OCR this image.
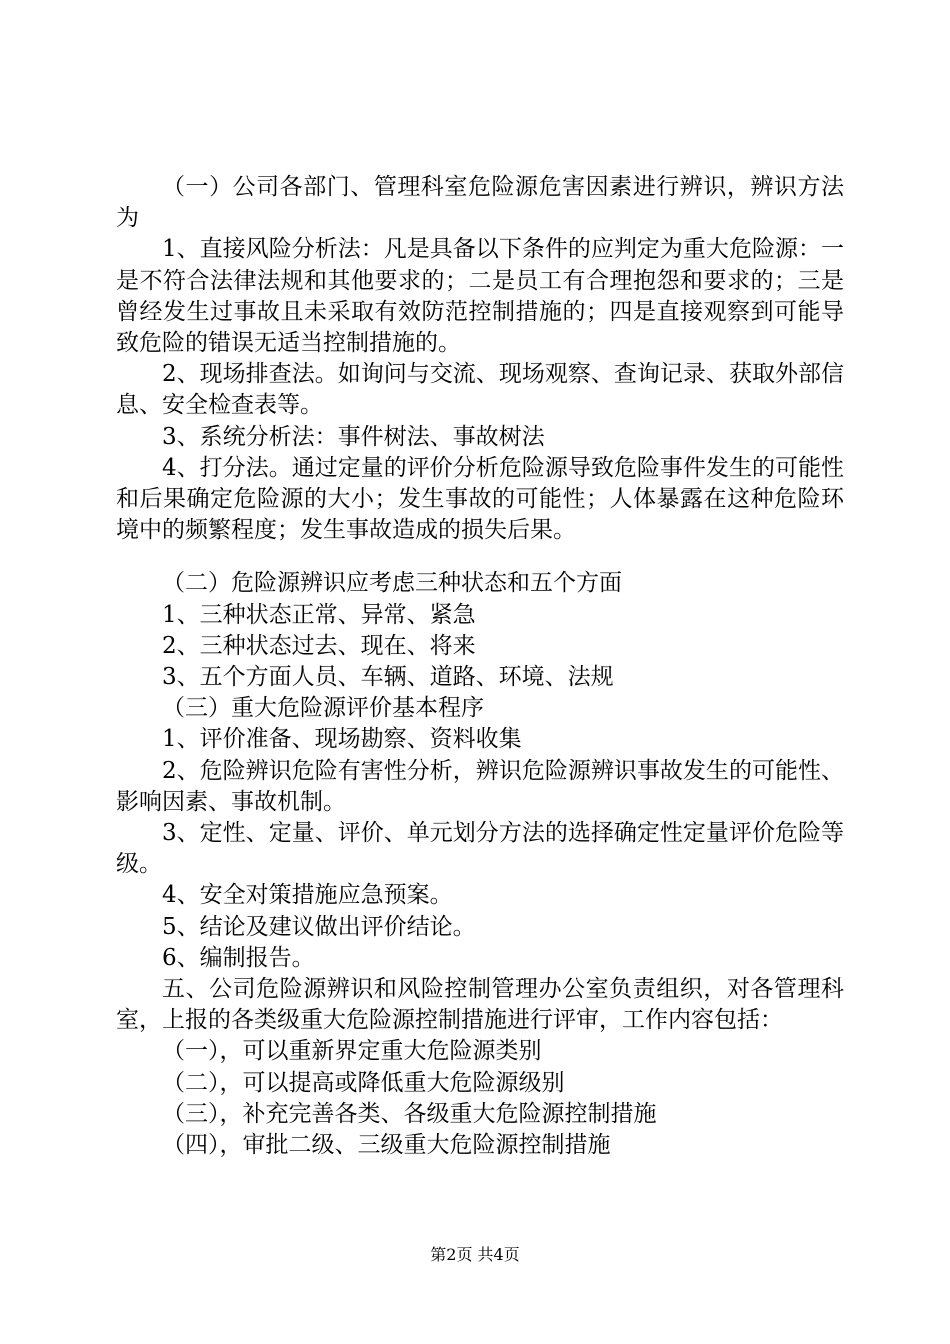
（一）公司各部门、管理科室危险源危害因素进行辨识，辨识方法为

1、直接风险分析法：凡是具备以下条件的应判定为重大危险源：一是不符合法律法规和其他要求的；二是员工有合理抱怨和要求的；三是曾经发生过事故且未采取有效防范控制措施的；四是直接观察到可能导致危险的错误无适当控制措施的。

2、现场排查法。如询问与交流、现场观察、查询记录、获取外部信息、安全检查表等。

3、系统分析法：事件树法、事故树法

4、打分法。通过定量的评价分析危险源导致危险事件发生的可能性和后果确定危险源的大小；发生事故的可能性；人体暴露在这种危险环境中的频繁程度；发生事故造成的损失后果。

（二）危险源辨识应考虑三种状态和五个方面

1、三种状态正常、异常、紧急

2、三种状态过去、现在、将来

3、五个方面人员、车辆、道路、环境、法规

（三）重大危险源评价基本程序

1、评价准备、现场勘察、资料收集

2、危险辨识危险有害性分析，辨识危险源辨识事故发生的可能性、影响因素、事故机制。

3、定性、定量、评价、单元划分方法的选择确定性定量评价危险等级。

4、安全对策措施应急预案。

5、结论及建议做出评价结论。

6、编制报告。

五、公司危险源辨识和风险控制管理办公室负责组织，对各管理科室，上报的各类级重大危险源控制措施进行评审，工作内容包括：

（一），可以重新界定重大危险源类别

（二），可以提高或降低重大危险源级别

（三），补充完善各类、各级重大危险源控制措施

（四），审批二级、三级重大危险源控制措施

第2页 共4页
